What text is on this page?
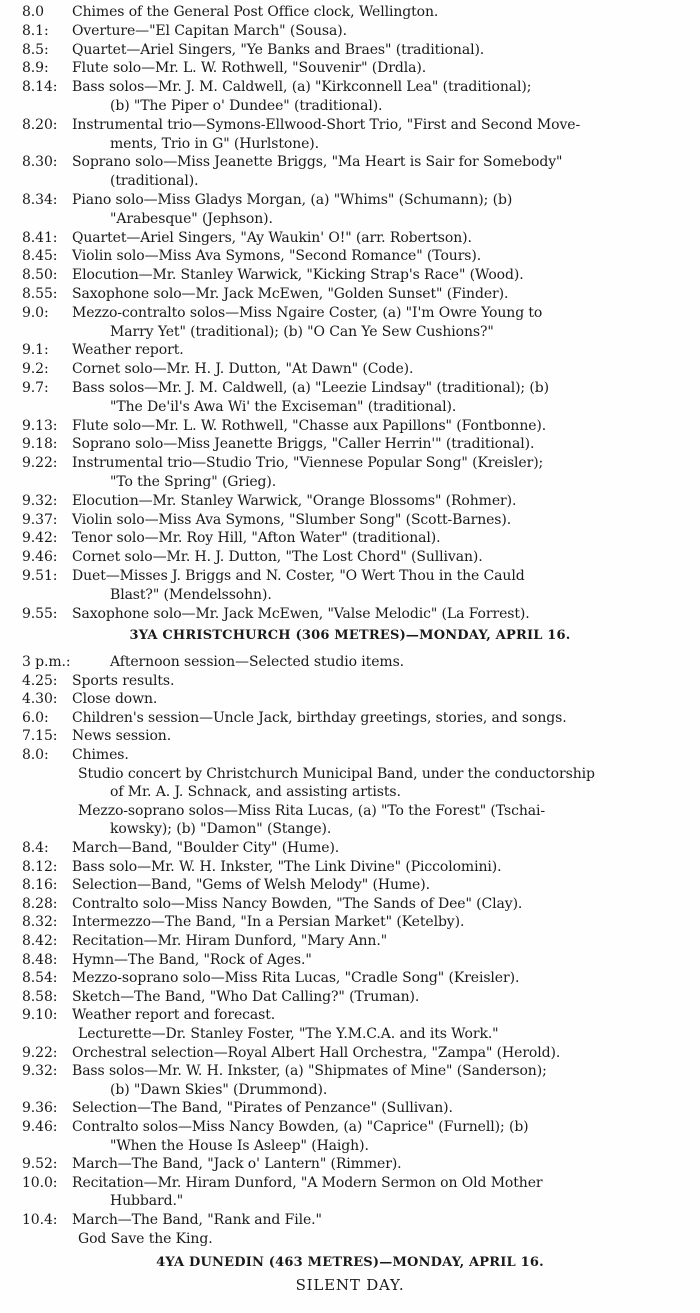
8.0 Chimes of the General Post Office clock, Wellington.
8.1: Overture—"El Capitan March" (Sousa).
8.5: Quartet—Ariel Singers, "Ye Banks and Braes" (traditional).
8.9: Flute solo—Mr. L. W. Rothwell, "Souvenir" (Drdla).
8.14: Bass solos—Mr. J. M. Caldwell, (a) "Kirkconnell Lea" (traditional);
(b) "The Piper o' Dundee" (traditional).
8.20: Instrumental trio—Symons-Ellwood-Short Trio, "First and Second Move-
ments, Trio in G" (Hurlstone).
8.30: Soprano solo—Miss Jeanette Briggs, "Ma Heart is Sair for Somebody"
(traditional).
8.34: Piano solo—Miss Gladys Morgan, (a) "Whims" (Schumann); (b)
"Arabesque" (Jephson).
8.41: Quartet—Ariel Singers, "Ay Waukin' O!" (arr. Robertson).
8.45: Violin solo—Miss Ava Symons, "Second Romance" (Tours).
8.50: Elocution—Mr. Stanley Warwick, "Kicking Strap's Race" (Wood).
8.55: Saxophone solo—Mr. Jack McEwen, "Golden Sunset" (Finder).
9.0: Mezzo-contralto solos—Miss Ngaire Coster, (a) "I'm Owre Young to
Marry Yet" (traditional); (b) "O Can Ye Sew Cushions?"
9.1: Weather report.
9.2: Cornet solo—Mr. H. J. Dutton, "At Dawn" (Code).
9.7: Bass solos—Mr. J. M. Caldwell, (a) "Leezie Lindsay" (traditional); (b)
"The De'il's Awa Wi' the Exciseman" (traditional).
9.13: Flute solo—Mr. L. W. Rothwell, "Chasse aux Papillons" (Fontbonne).
9.18: Soprano solo—Miss Jeanette Briggs, "Caller Herrin'" (traditional).
9.22: Instrumental trio—Studio Trio, "Viennese Popular Song" (Kreisler);
"To the Spring" (Grieg).
9.32: Elocution—Mr. Stanley Warwick, "Orange Blossoms" (Rohmer).
9.37: Violin solo—Miss Ava Symons, "Slumber Song" (Scott-Barnes).
9.42: Tenor solo—Mr. Roy Hill, "Afton Water" (traditional).
9.46: Cornet solo—Mr. H. J. Dutton, "The Lost Chord" (Sullivan).
9.51: Duet—Misses J. Briggs and N. Coster, "O Wert Thou in the Cauld
Blast?" (Mendelssohn).
9.55: Saxophone solo—Mr. Jack McEwen, "Valse Melodic" (La Forrest).
3YA CHRISTCHURCH (306 METRES)—MONDAY, APRIL 16.
3 p.m.:	Afternoon session—Selected studio items.
4.25: Sports results.
4.30: Close down.
6.0: Children's session—Uncle Jack, birthday greetings, stories, and songs.
7.15: News session.
8.0: Chimes.
Studio concert by Christchurch Municipal Band, under the conductorship
of Mr. A. J. Schnack, and assisting artists.
Mezzo-soprano solos—Miss Rita Lucas, (a) "To the Forest" (Tschai-
kowsky); (b) "Damon" (Stange).
8.4: March—Band, "Boulder City" (Hume).
8.12: Bass solo—Mr. W. H. Inkster, "The Link Divine" (Piccolomini).
8.16: Selection—Band, "Gems of Welsh Melody" (Hume).
8.28: Contralto solo—Miss Nancy Bowden, "The Sands of Dee" (Clay).
8.32: Intermezzo—The Band, "In a Persian Market" (Ketelby).
8.42: Recitation—Mr. Hiram Dunford, "Mary Ann."
8.48: Hymn—The Band, "Rock of Ages."
8.54: Mezzo-soprano solo—Miss Rita Lucas, "Cradle Song" (Kreisler).
8.58: Sketch—The Band, "Who Dat Calling?" (Truman).
9.10: Weather report and forecast.
Lecturette—Dr. Stanley Foster, "The Y.M.C.A. and its Work."
9.22: Orchestral selection—Royal Albert Hall Orchestra, "Zampa" (Herold).
9.32: Bass solos—Mr. W. H. Inkster, (a) "Shipmates of Mine" (Sanderson);
(b) "Dawn Skies" (Drummond).
9.36: Selection—The Band, "Pirates of Penzance" (Sullivan).
9.46: Contralto solos—Miss Nancy Bowden, (a) "Caprice" (Furnell); (b)
"When the House Is Asleep" (Haigh).
9.52: March—The Band, "Jack o' Lantern" (Rimmer).
10.0: Recitation—Mr. Hiram Dunford, "A Modern Sermon on Old Mother
Hubbard."
10.4: March—The Band, "Rank and File."
God Save the King.
4YA DUNEDIN (463 METRES)—MONDAY, APRIL 16.
SILENT DAY.
